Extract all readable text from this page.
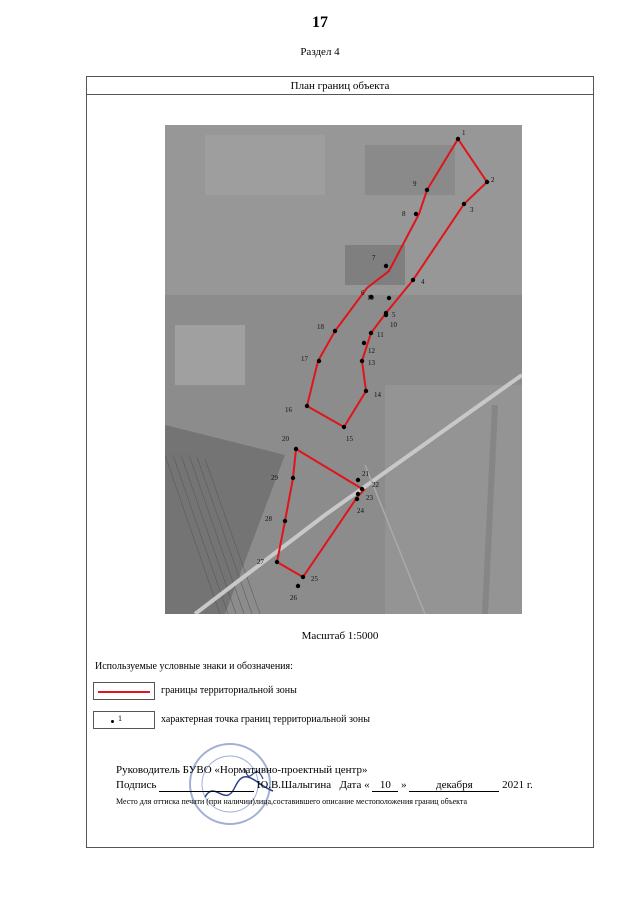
17
Раздел 4
План границ объекта
1
2
3
4
5
6
7
8
9
10
11
12
13
14
15
16
17
18
19
20
21
22
23
24
25
26
27
28
29
Масштаб 1:5000
Используемые условные знаки и обозначения:
границы территориальной зоны
1	характерная точка границ территориальной зоны
Руководитель БУВО «Нормативно-проектный центр»
Подпись	Ю.В.Шалыгина Дата « 10 »	декабря	2021 г.
Место для оттиска печати (при наличии)лица,составившего описание местоположения границ объекта
